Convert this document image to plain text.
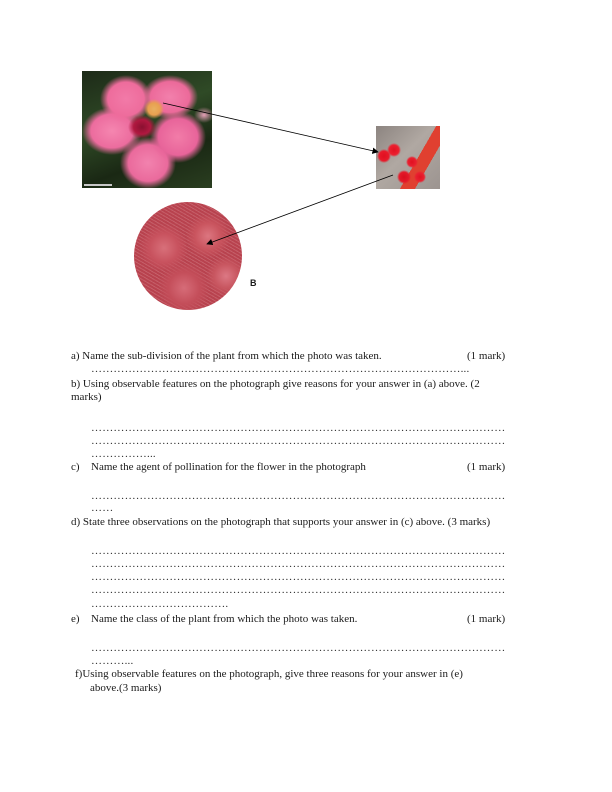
B
a) Name the sub-division of the plant from which the photo was taken.	(1 mark)
………………………………………………………………………………………...
b) Using observable features on the photograph give reasons for your answer in (a) above. (2
marks)
…………………………………………………………………………………………………
…………………………………………………………………………………………………
……………...
c) Name the agent of pollination for the flower in the photograph	(1 mark)
…………………………………………………………………………………………………
……
d) State three observations on the photograph that supports your answer in (c) above. (3 marks)
…………………………………………………………………………………………………
…………………………………………………………………………………………………
…………………………………………………………………………………………………
…………………………………………………………………………………………………
……………………………….
e) Name the class of the plant from which the photo was taken.	(1 mark)
…………………………………………………………………………………………………
………...
f)Using observable features on the photograph, give three reasons for your answer in (e)
above.(3 marks)
